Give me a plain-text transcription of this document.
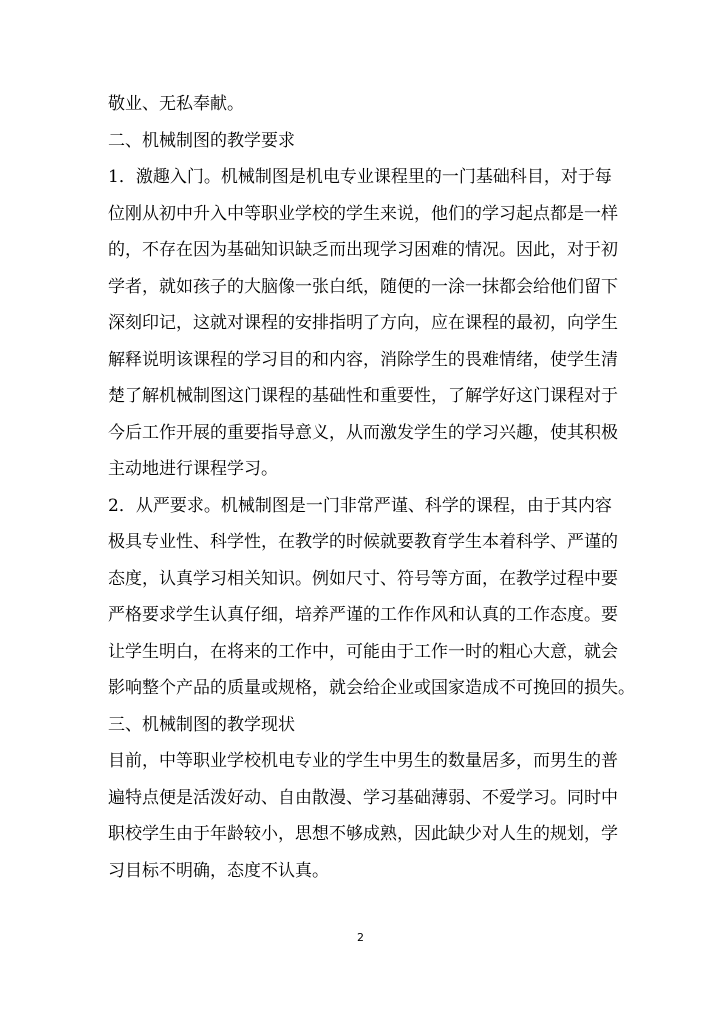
敬业、无私奉献。
二、机械制图的教学要求
1．激趣入门。机械制图是机电专业课程里的一门基础科目，对于每
位刚从初中升入中等职业学校的学生来说，他们的学习起点都是一样
的，不存在因为基础知识缺乏而出现学习困难的情况。因此，对于初
学者，就如孩子的大脑像一张白纸，随便的一涂一抹都会给他们留下
深刻印记，这就对课程的安排指明了方向，应在课程的最初，向学生
解释说明该课程的学习目的和内容，消除学生的畏难情绪，使学生清
楚了解机械制图这门课程的基础性和重要性，了解学好这门课程对于
今后工作开展的重要指导意义，从而激发学生的学习兴趣，使其积极
主动地进行课程学习。
2．从严要求。机械制图是一门非常严谨、科学的课程，由于其内容
极具专业性、科学性，在教学的时候就要教育学生本着科学、严谨的
态度，认真学习相关知识。例如尺寸、符号等方面，在教学过程中要
严格要求学生认真仔细，培养严谨的工作作风和认真的工作态度。要
让学生明白，在将来的工作中，可能由于工作一时的粗心大意，就会
影响整个产品的质量或规格，就会给企业或国家造成不可挽回的损失。
三、机械制图的教学现状
目前，中等职业学校机电专业的学生中男生的数量居多，而男生的普
遍特点便是活泼好动、自由散漫、学习基础薄弱、不爱学习。同时中
职校学生由于年龄较小，思想不够成熟，因此缺少对人生的规划，学
习目标不明确，态度不认真。
2
